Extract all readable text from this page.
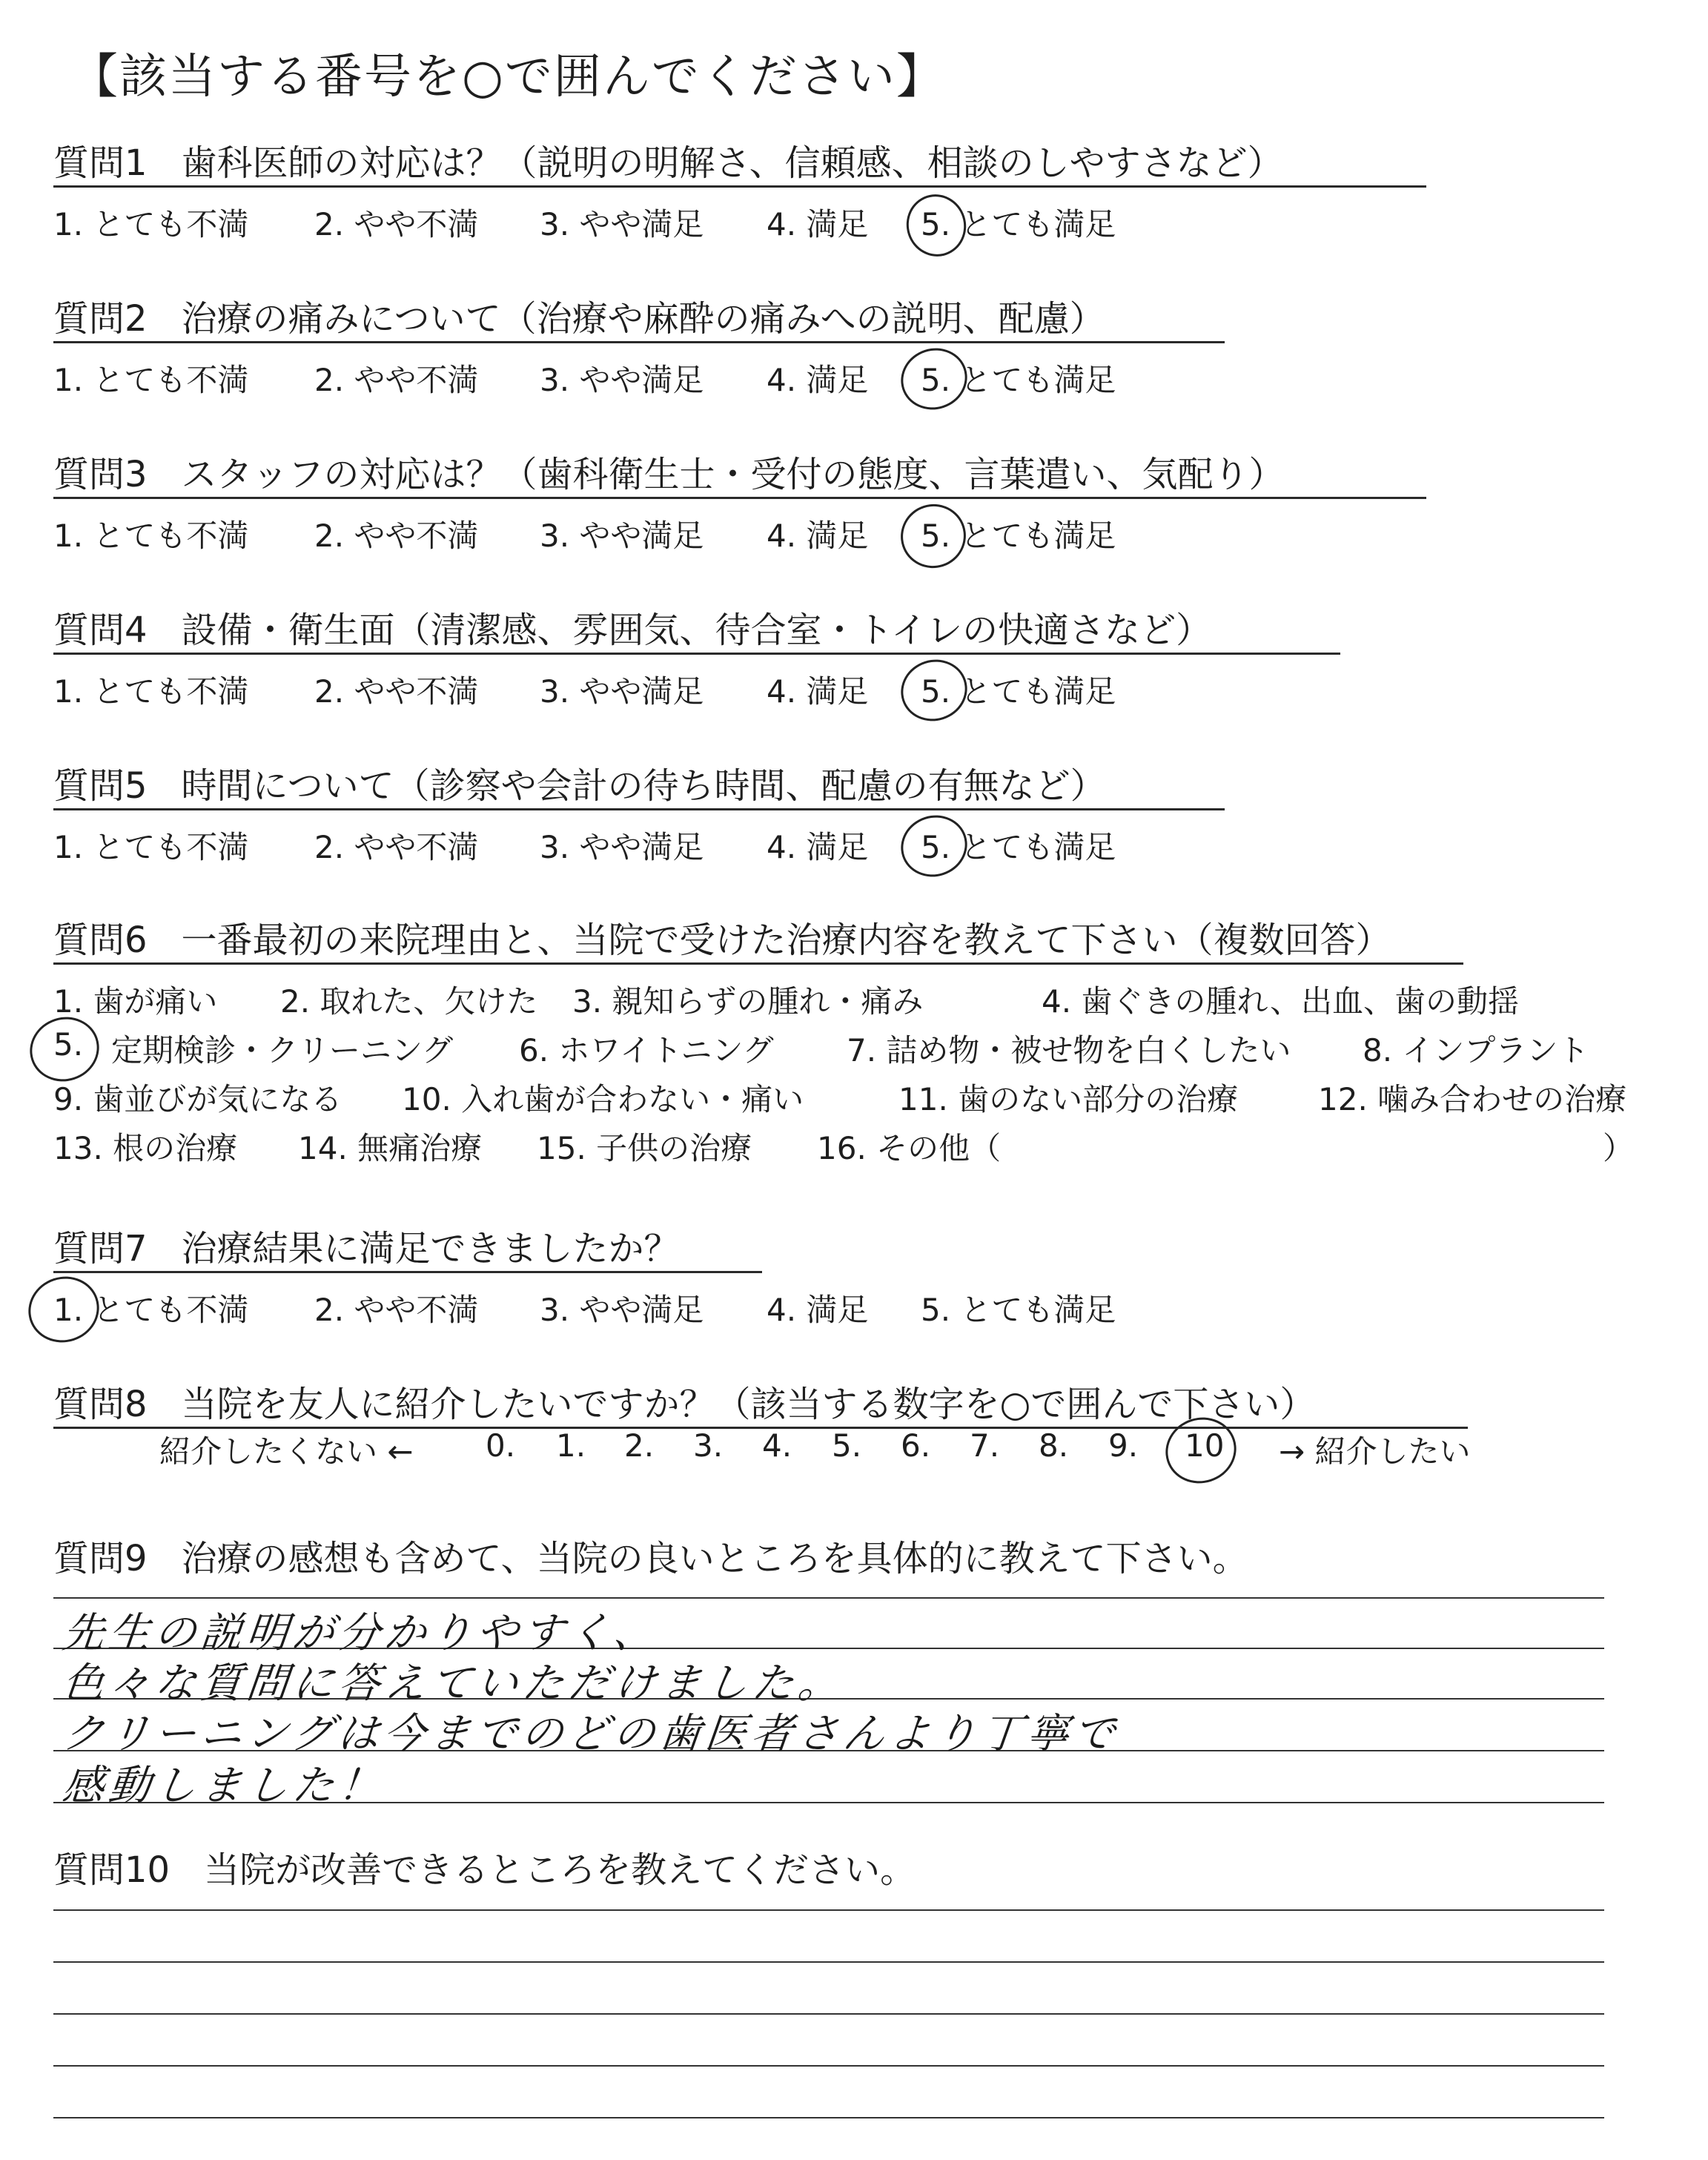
【該当する番号を○で囲んでください】
質問1 歯科医師の対応は？（説明の明解さ、信頼感、相談のしやすさなど）
1. とても不満 2. やや不満 3. やや満足 4. 満足 5. とても満足
質問2 治療の痛みについて（治療や麻酔の痛みへの説明、配慮）
1. とても不満 2. やや不満 3. やや満足 4. 満足 5. とても満足
質問3 スタッフの対応は？（歯科衛生士・受付の態度、言葉遣い、気配り）
1. とても不満 2. やや不満 3. やや満足 4. 満足 5. とても満足
質問4 設備・衛生面（清潔感、雰囲気、待合室・トイレの快適さなど）
1. とても不満 2. やや不満 3. やや満足 4. 満足 5. とても満足
質問5 時間について（診察や会計の待ち時間、配慮の有無など）
1. とても不満 2. やや不満 3. やや満足 4. 満足 5. とても満足
質問6 一番最初の来院理由と、当院で受けた治療内容を教えて下さい（複数回答）
1. 歯が痛い 2. 取れた、欠けた 3. 親知らずの腫れ・痛み	4. 歯ぐきの腫れ、出血、歯の動揺
5. 定期検診・クリーニング 6. ホワイトニング 7. 詰め物・被せ物を白くしたい 8. インプラント
9. 歯並びが気になる 10. 入れ歯が合わない・痛い	11. 歯のない部分の治療	12. 噛み合わせの治療
13. 根の治療 14. 無痛治療 15. 子供の治療 16. その他（	）
質問7 治療結果に満足できましたか？
1. とても不満 2. やや不満 3. やや満足 4. 満足 5. とても満足
質問8 当院を友人に紹介したいですか？（該当する数字を○で囲んで下さい）
紹介したくない ← 0. 1. 2. 3. 4. 5. 6. 7. 8. 9. 10 → 紹介したい
質問9 治療の感想も含めて、当院の良いところを具体的に教えて下さい。
先生の説明が分かりやすく、
色々な質問に答えていただけました。
クリーニングは今までのどの歯医者さんより丁寧で
感動しました！
質問10 当院が改善できるところを教えてください。
